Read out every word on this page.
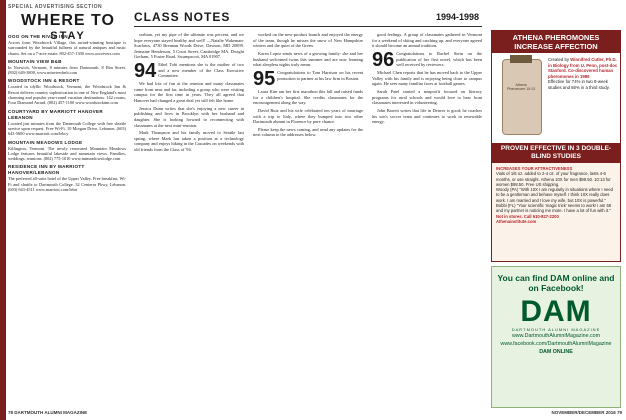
SPECIAL ADVERTISING SECTION
WHERE TO
STAY
CLASS NOTES	1994-1998
OOO ON THE RIVER INN
Across from Woodstock Village, this award-winning boutique is surrounded by the beautiful fullness of natural antiques and rustic charm. Set on a 7-acre estate. 802-457-1300 www.ooorivers.com
MOUNTAIN VIEW B&B
In Norwich, Vermont, 8 minutes from Dartmouth. 8 Elm Street. (802) 649-3800, www.mtnviewbnb.com
WOODSTOCK INN & RESORT
Located in idyllic Woodstock, Vermont, the Woodstock Inn & Resort delivers country sophistication in one of New England's most charming and popular year-round vacation destinations. 142 rooms, Four Diamond Award. (802) 457-1100 www.woodstockinn.com
COURTYARD BY MARRIOTT HANOVER LEBANON
Located just minutes from the Dartmouth College with free shuttle service upon request. Free Wi-Fi. 10 Morgan Drive, Lebanon. (603) 643-5600 www.marriott.com/lebcy
MOUNTAIN MEADOWS LODGE
Killington, Vermont. The newly renovated Mountain Meadows Lodge features beautiful lakeside and mountain views. Families, weddings, reunions. (802) 775-1010 www.mtmeadowslodge.com
RESIDENCE INN BY MARRIOTT HANOVER/LEBANON
The preferred all-suite hotel of the Upper Valley. Free breakfast, Wi-Fi and shuttle to Dartmouth College. 32 Centerra Pkwy, Lebanon. (603) 643-4511 www.marriott.com/lebri

sorbian, yet my pipe of the ultimate was percent, and we hope everyone stayed healthy and well! —Natalie Wakeman-Scarlatos, 4730 Brennan Woods Drive, Dawson, MD 20899. Jermaine Henderson, 5 Court Street, Cambridge MA. Dwight Gorham, 5 Foster Road, Swampscott, MA 01907.

94 Ethel Tobi mentions she is the mother of two and a new member of the Class Executive Committee.

We had lots of fun at the reunion and many classmates came from near and far, including a group who were visiting campus for the first time in years. They all agreed that Hanover had changed a great deal yet still felt like home.

Jessica Dunn writes that she's enjoying a new career in publishing and lives in Brooklyn with her husband and daughter. She is looking forward to reconnecting with classmates at the next mini-reunion.

Mark Thompson and his family moved to Seattle last spring, where Mark has taken a position at a technology company and enjoys hiking in the Cascades on weekends with old friends from the Class of '94.

worked on the new-product launch and enjoyed the energy of the team, though he misses the snow of New Hampshire winters and the quiet of the Green.

Karen Lopez sends news of a growing family: she and her husband welcomed twins this summer and are now learning what sleepless nights truly mean.

95 Congratulations to Tom Harrison on his recent promotion to partner at his law firm in Boston.

Laura Kim ran her first marathon this fall and raised funds for a children's hospital. She credits classmates for the encouragement along the way.

David Ruiz and his wife celebrated ten years of marriage with a trip to Italy, where they bumped into two other Dartmouth alumni in Florence by pure chance.

Please keep the news coming, and send any updates for the next column to the addresses below.

good feelings. A group of classmates gathered in Vermont for a weekend of skiing and catching up, and everyone agreed it should become an annual tradition.

96 Congratulations to Rachel Stein on the publication of her first novel, which has been well received by reviewers.

Michael Chen reports that he has moved back to the Upper Valley with his family and is enjoying being close to campus again. He sees many familiar faces at football games.

Sarah Patel started a nonprofit focused on literacy programs for rural schools and would love to hear from classmates interested in volunteering.

John Barrett writes that life in Denver is good; he coaches his son's soccer team and continues to work in renewable energy.

ATHENA PHEROMONES INCREASE AFFECTION
Athena Pheromone 10:13
Created by Winnifred Cutler, Ph.D. in Biology from U. Penn, post-doc Stanford. Co-discovered human pheromones in 1986
Effective for 74% in two 8-week studies and 68% in a third study.
PROVEN EFFECTIVE IN 3 DOUBLE-BLIND STUDIES
INCREASES YOUR ATTRACTIVENESS
Vials of 1/6 oz. added to 2-4 oz. of your fragrance, lasts 4-6 months, or use straight. Athena 10X for men $99.50. 10:13 for women $98.50. Free US shipping.
Woody (PA) "With 10X I am regularly in situations where I need to be a gentleman and behave myself. I think 10X really does work. I am married and I love my wife, but 10X is powerful."
Bobbi (FL) "Your scientific 'magic trick' seems to work! I am 58 and my partner is noticing me more. I have a lot of fun with it."
Not in stores. Call 610-827-2200
Athenainstitute.com
You can find DAM online and on Facebook!
DAM
DARTMOUTH ALUMNI MAGAZINE
www.DartmouthAlumniMagazine.com
www.facebook.com/DartmouthAlumniMagazine
DAM ONLINE
78 DARTMOUTH ALUMNI MAGAZINE	NOVEMBER/DECEMBER 2016 79
